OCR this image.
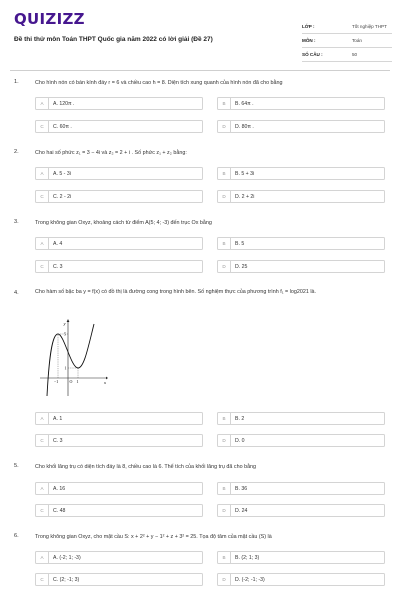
QUIZIZZ
Đề thi thử môn Toán THPT Quốc gia năm 2022 có lời giải (Đề 27)
LỚP :	Tốt nghiệp THPT
MÔN :	Toán
SỐ CÂU :	50
1.	Cho hình nón có bán kính đáy r = 6 và chiều cao h = 8. Diện tích xung quanh của hình nón đã cho bằng
A	A. 120π .	B	B. 64π .
C	C. 60π .	D	D. 80π .
2.	Cho hai số phức z₁ = 3 − 4i và z₂ = 2 + i . Số phức z₁ + z₂ bằng:
A	A. 5 - 3i	B	B. 5 + 3i
C	C. 2 - 2i	D	D. 2 + 2i
3.	Trong không gian Oxyz, khoảng cách từ điểm A(5; 4; -3) đến trục Ox bằng
A	A. 4	B	B. 5
C	C. 3	D	D. 25
4.	Cho hàm số bậc ba y = f(x) có đồ thị là đường cong trong hình bên. Số nghiệm thực của phương trình f₁ = log2021 là.
y
x
O
−1	1
5
1
A	A. 1	B	B. 2
C	C. 3	D	D. 0
5.	Cho khối lăng trụ có diện tích đáy là 8, chiều cao là 6. Thể tích của khối lăng trụ đã cho bằng
A	A. 16	B	B. 36
C	C. 48	D	D. 24
6.	Trong không gian Oxyz, cho mặt cầu S: x + 2² + y − 1² + z + 3² = 25. Tọa độ tâm của mặt cầu (S) là
A	A. (-2; 1; -3)	B	B. (2; 1; 3)
C	C. (2; -1; 3)	D	D. (-2; -1; -3)
